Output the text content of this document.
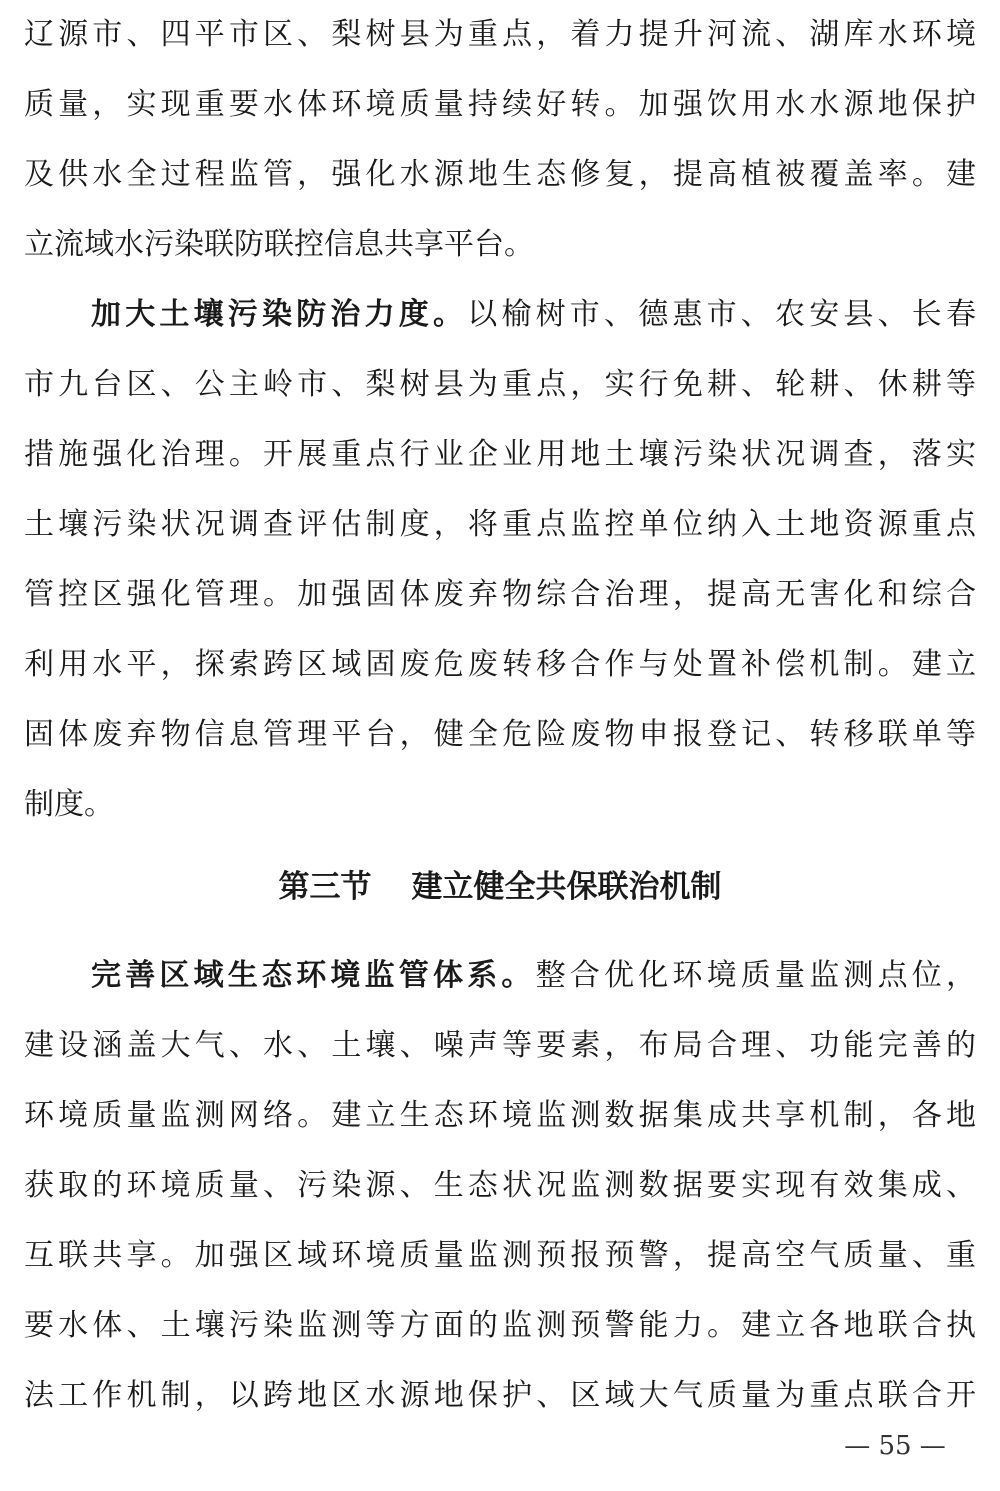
辽源市、四平市区、梨树县为重点，着力提升河流、湖库水环境
质量，实现重要水体环境质量持续好转。加强饮用水水源地保护
及供水全过程监管，强化水源地生态修复，提高植被覆盖率。建
立流域水污染联防联控信息共享平台。
加大土壤污染防治力度。以榆树市、德惠市、农安县、长春
市九台区、公主岭市、梨树县为重点，实行免耕、轮耕、休耕等
措施强化治理。开展重点行业企业用地土壤污染状况调查，落实
土壤污染状况调查评估制度，将重点监控单位纳入土地资源重点
管控区强化管理。加强固体废弃物综合治理，提高无害化和综合
利用水平，探索跨区域固废危废转移合作与处置补偿机制。建立
固体废弃物信息管理平台，健全危险废物申报登记、转移联单等
制度。
第三节 建立健全共保联治机制
完善区域生态环境监管体系。整合优化环境质量监测点位，
建设涵盖大气、水、土壤、噪声等要素，布局合理、功能完善的
环境质量监测网络。建立生态环境监测数据集成共享机制，各地
获取的环境质量、污染源、生态状况监测数据要实现有效集成、
互联共享。加强区域环境质量监测预报预警，提高空气质量、重
要水体、土壤污染监测等方面的监测预警能力。建立各地联合执
法工作机制，以跨地区水源地保护、区域大气质量为重点联合开
— 55 —
